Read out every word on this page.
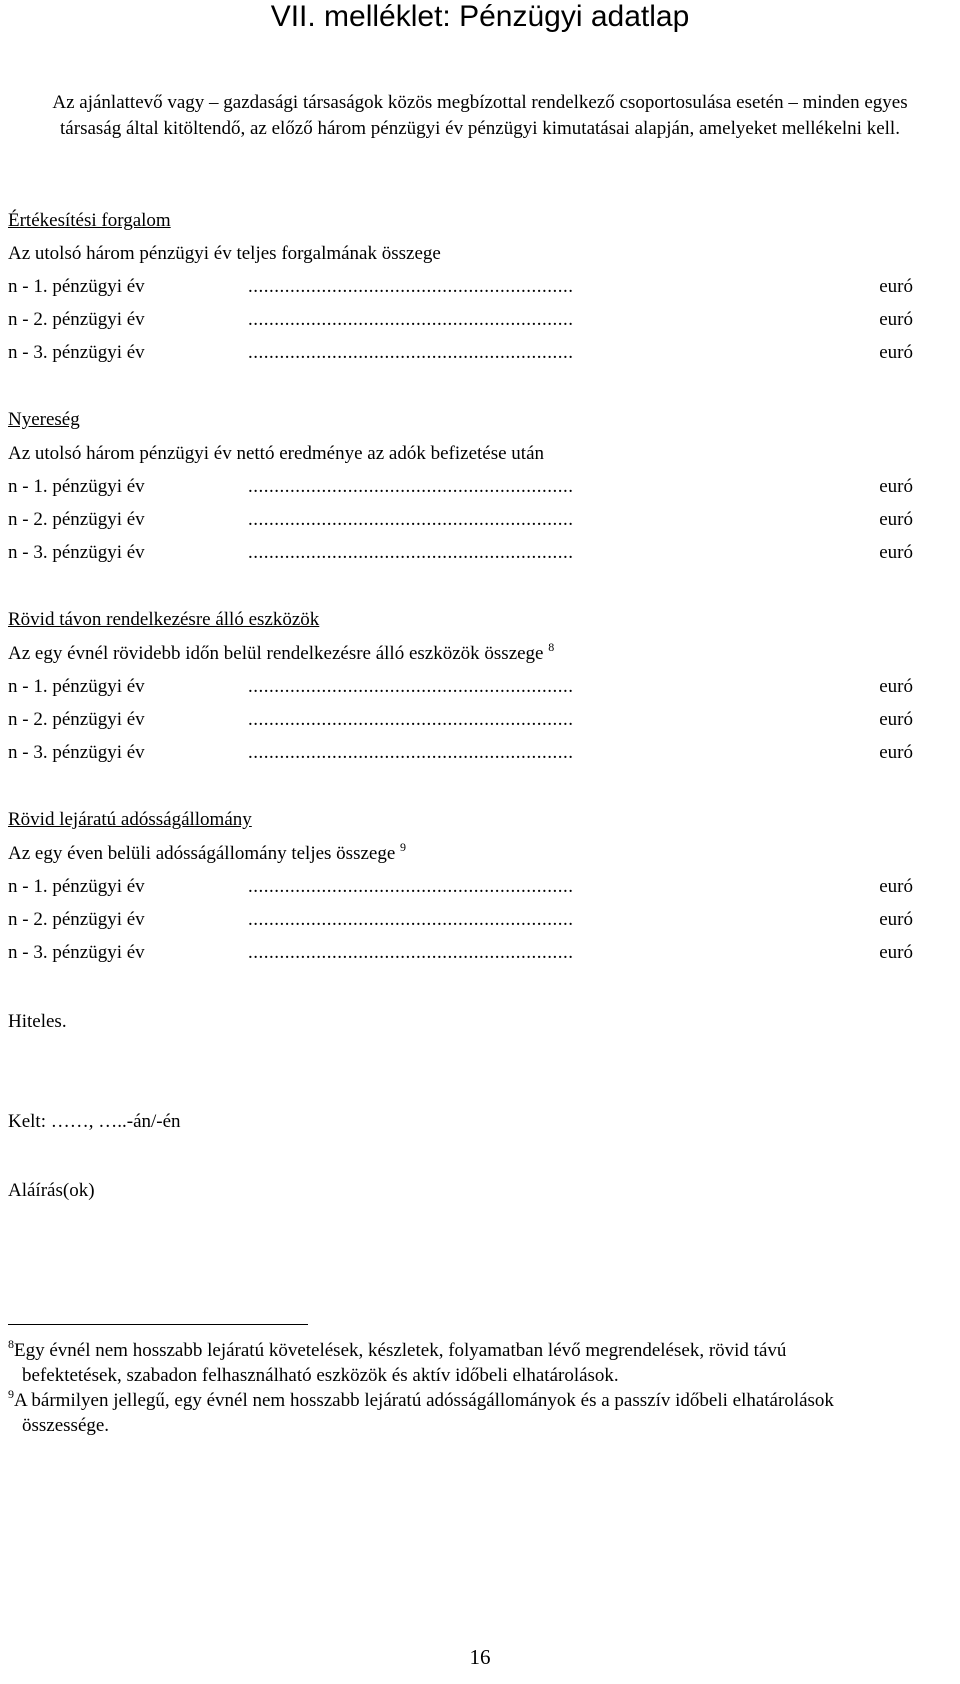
VII. melléklet: Pénzügyi adatlap
Az ajánlattevő vagy – gazdasági társaságok közös megbízottal rendelkező csoportosulása esetén – minden egyes társaság által kitöltendő, az előző három pénzügyi év pénzügyi kimutatásai alapján, amelyeket mellékelni kell.
Értékesítési forgalom
Az utolsó három pénzügyi év teljes forgalmának összege
n - 1. pénzügyi év	..............................................................	euró
n - 2. pénzügyi év	..............................................................	euró
n - 3. pénzügyi év	..............................................................	euró
Nyereség
Az utolsó három pénzügyi év nettó eredménye az adók befizetése után
n - 1. pénzügyi év	..............................................................	euró
n - 2. pénzügyi év	..............................................................	euró
n - 3. pénzügyi év	..............................................................	euró
Rövid távon rendelkezésre álló eszközök
Az egy évnél rövidebb időn belül rendelkezésre álló eszközök összege $^8$
n - 1. pénzügyi év	..............................................................	euró
n - 2. pénzügyi év	..............................................................	euró
n - 3. pénzügyi év	..............................................................	euró
Rövid lejáratú adósságállomány
Az egy éven belüli adósságállomány teljes összege $^9$
n - 1. pénzügyi év	..............................................................	euró
n - 2. pénzügyi év	..............................................................	euró
n - 3. pénzügyi év	..............................................................	euró
Hiteles.
Kelt: ……, …..-án/-én
Aláírás(ok)
$^8$Egy évnél nem hosszabb lejáratú követelések, készletek, folyamatban lévő megrendelések, rövid távú
befektetések, szabadon felhasználható eszközök és aktív időbeli elhatárolások.
$^9$A bármilyen jellegű, egy évnél nem hosszabb lejáratú adósságállományok és a passzív időbeli elhatárolások
összessége.
16
